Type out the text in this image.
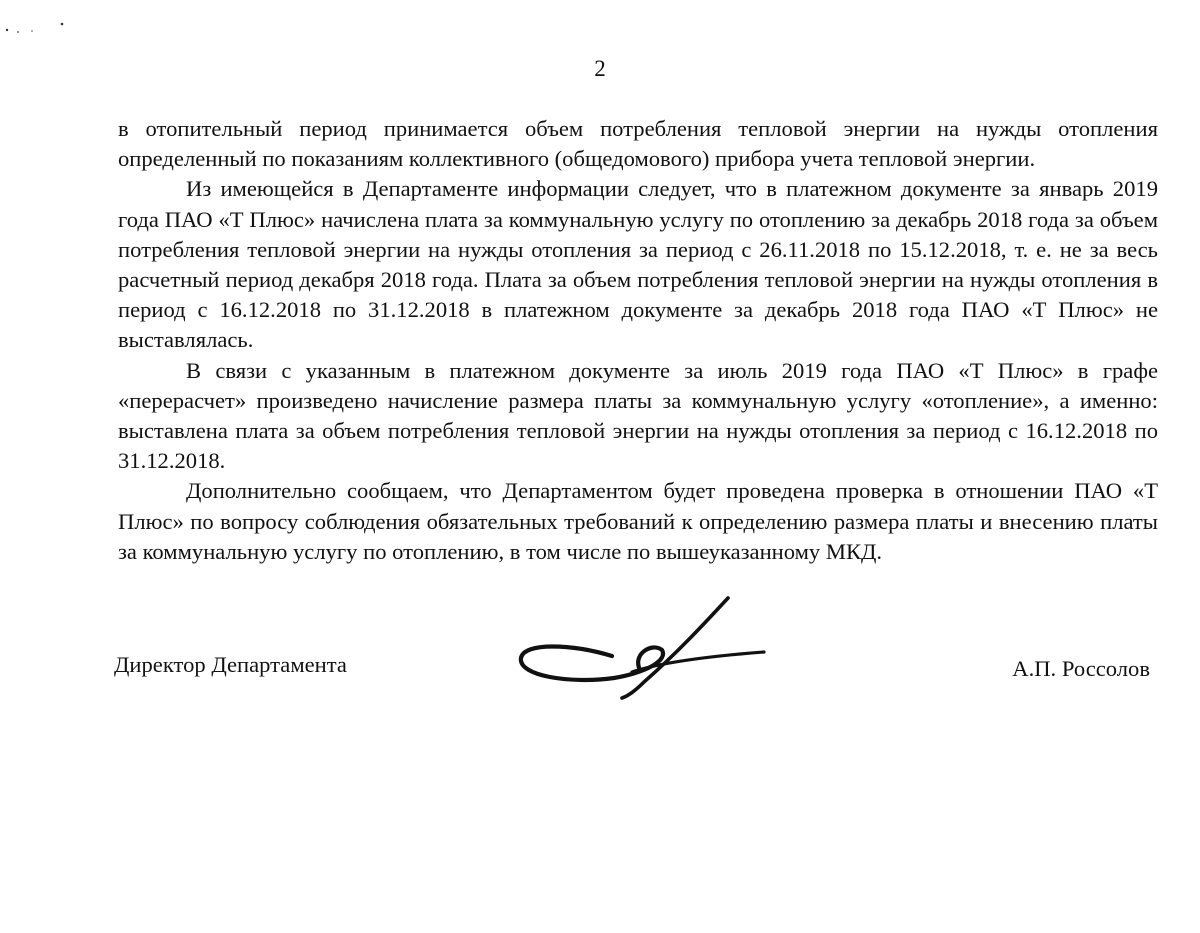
2

в отопительный период принимается объем потребления тепловой энергии на нужды отопления определенный по показаниям коллективного (общедомового) прибора учета тепловой энергии.

Из имеющейся в Департаменте информации следует, что в платежном документе за январь 2019 года ПАО «Т Плюс» начислена плата за коммунальную услугу по отоплению за декабрь 2018 года за объем потребления тепловой энергии на нужды отопления за период с 26.11.2018 по 15.12.2018, т. е. не за весь расчетный период декабря 2018 года. Плата за объем потребления тепловой энергии на нужды отопления в период с 16.12.2018 по 31.12.2018 в платежном документе за декабрь 2018 года ПАО «Т Плюс» не выставлялась.

В связи с указанным в платежном документе за июль 2019 года ПАО «Т Плюс» в графе «перерасчет» произведено начисление размера платы за коммунальную услугу «отопление», а именно: выставлена плата за объем потребления тепловой энергии на нужды отопления за период с 16.12.2018 по 31.12.2018.

Дополнительно сообщаем, что Департаментом будет проведена проверка в отношении ПАО «Т Плюс» по вопросу соблюдения обязательных требований к определению размера платы и внесению платы за коммунальную услугу по отоплению, в том числе по вышеуказанному МКД.

Директор Департамента	А.П. Россолов
